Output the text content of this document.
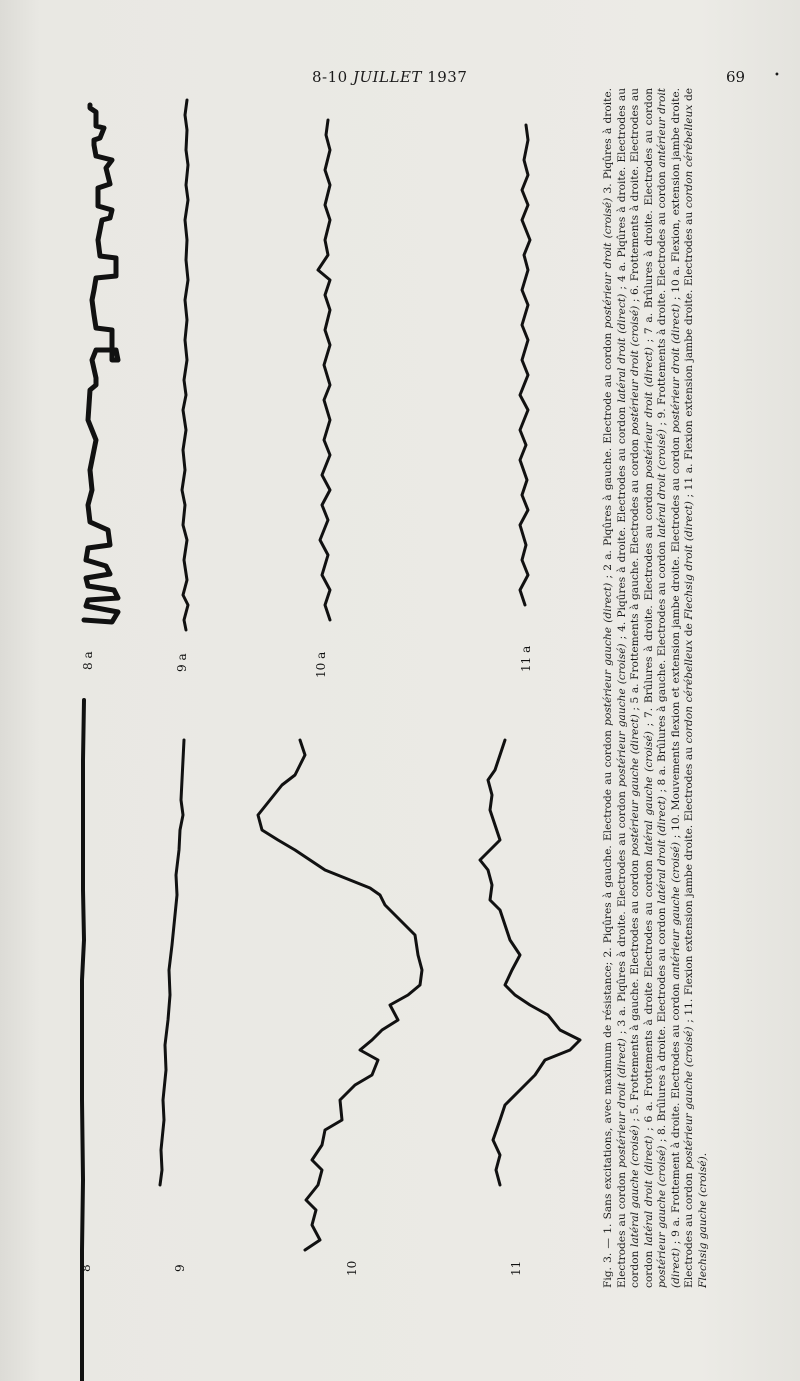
8-10 JUILLET 1937	69	•
8	9	10	11
8 a	9 a	10 a	11 a

Fig. 3. — 1. Sans excitations, avec maximum de résistance; 2. Piqûres à gauche. Electrode au cordon postérieur gauche (direct) ; 2 a. Piqûres à gauche. Electrode au cordon postérieur droit (croisé) 3. Piqûres à droite. Electrodes au cordon postérieur droit (direct) ; 3 a. Piqûres à droite. Electrodes au cordon postérieur gauche (croisé) ; 4. Piqûres à droite. Electrodes au cordon latéral droit (direct) ; 4 a. Piqûres à droite. Electrodes au cordon latéral gauche (croisé) ; 5. Frottements à gauche. Electrodes au cordon postérieur gauche (direct) ; 5 a. Frottements à gauche. Electrodes au cordon postérieur droit (croisé) ; 6. Frottements à droite. Electrodes au cordon latéral droit (direct) ; 6 a. Frottements à droite Electrodes au cordon latéral gauche (croisé) ; 7. Brûlures à droite. Electrodes au cordon postérieur droit (direct) ; 7 a. Brûlures à droite. Electrodes au cordon postérieur gauche (croisé) ; 8. Brûlures à droite. Electrodes au cordon latéral droit (direct) ; 8 a. Brûlures à gauche. Electrodes au cordon latéral droit (croisé) ; 9. Frottements à droite. Electrodes au cordon antérieur droit (direct) ; 9 a. Frottement à droite. Electrodes au cordon antérieur gauche (croisé) ; 10. Mouvements flexion et extension jambe droite. Electrodes au cordon postérieur droit (direct) ; 10 a. Flexion, extension jambe droite. Electrodes au cordon postérieur gauche (croisé) ; 11. Flexion extension jambe droite. Electrodes au cordon cérébelleux de Flechsig droit (direct) ; 11 a. Flexion extension jambe droite. Electrodes au cordon cérébelleux de Flechsig gauche (croisé).
